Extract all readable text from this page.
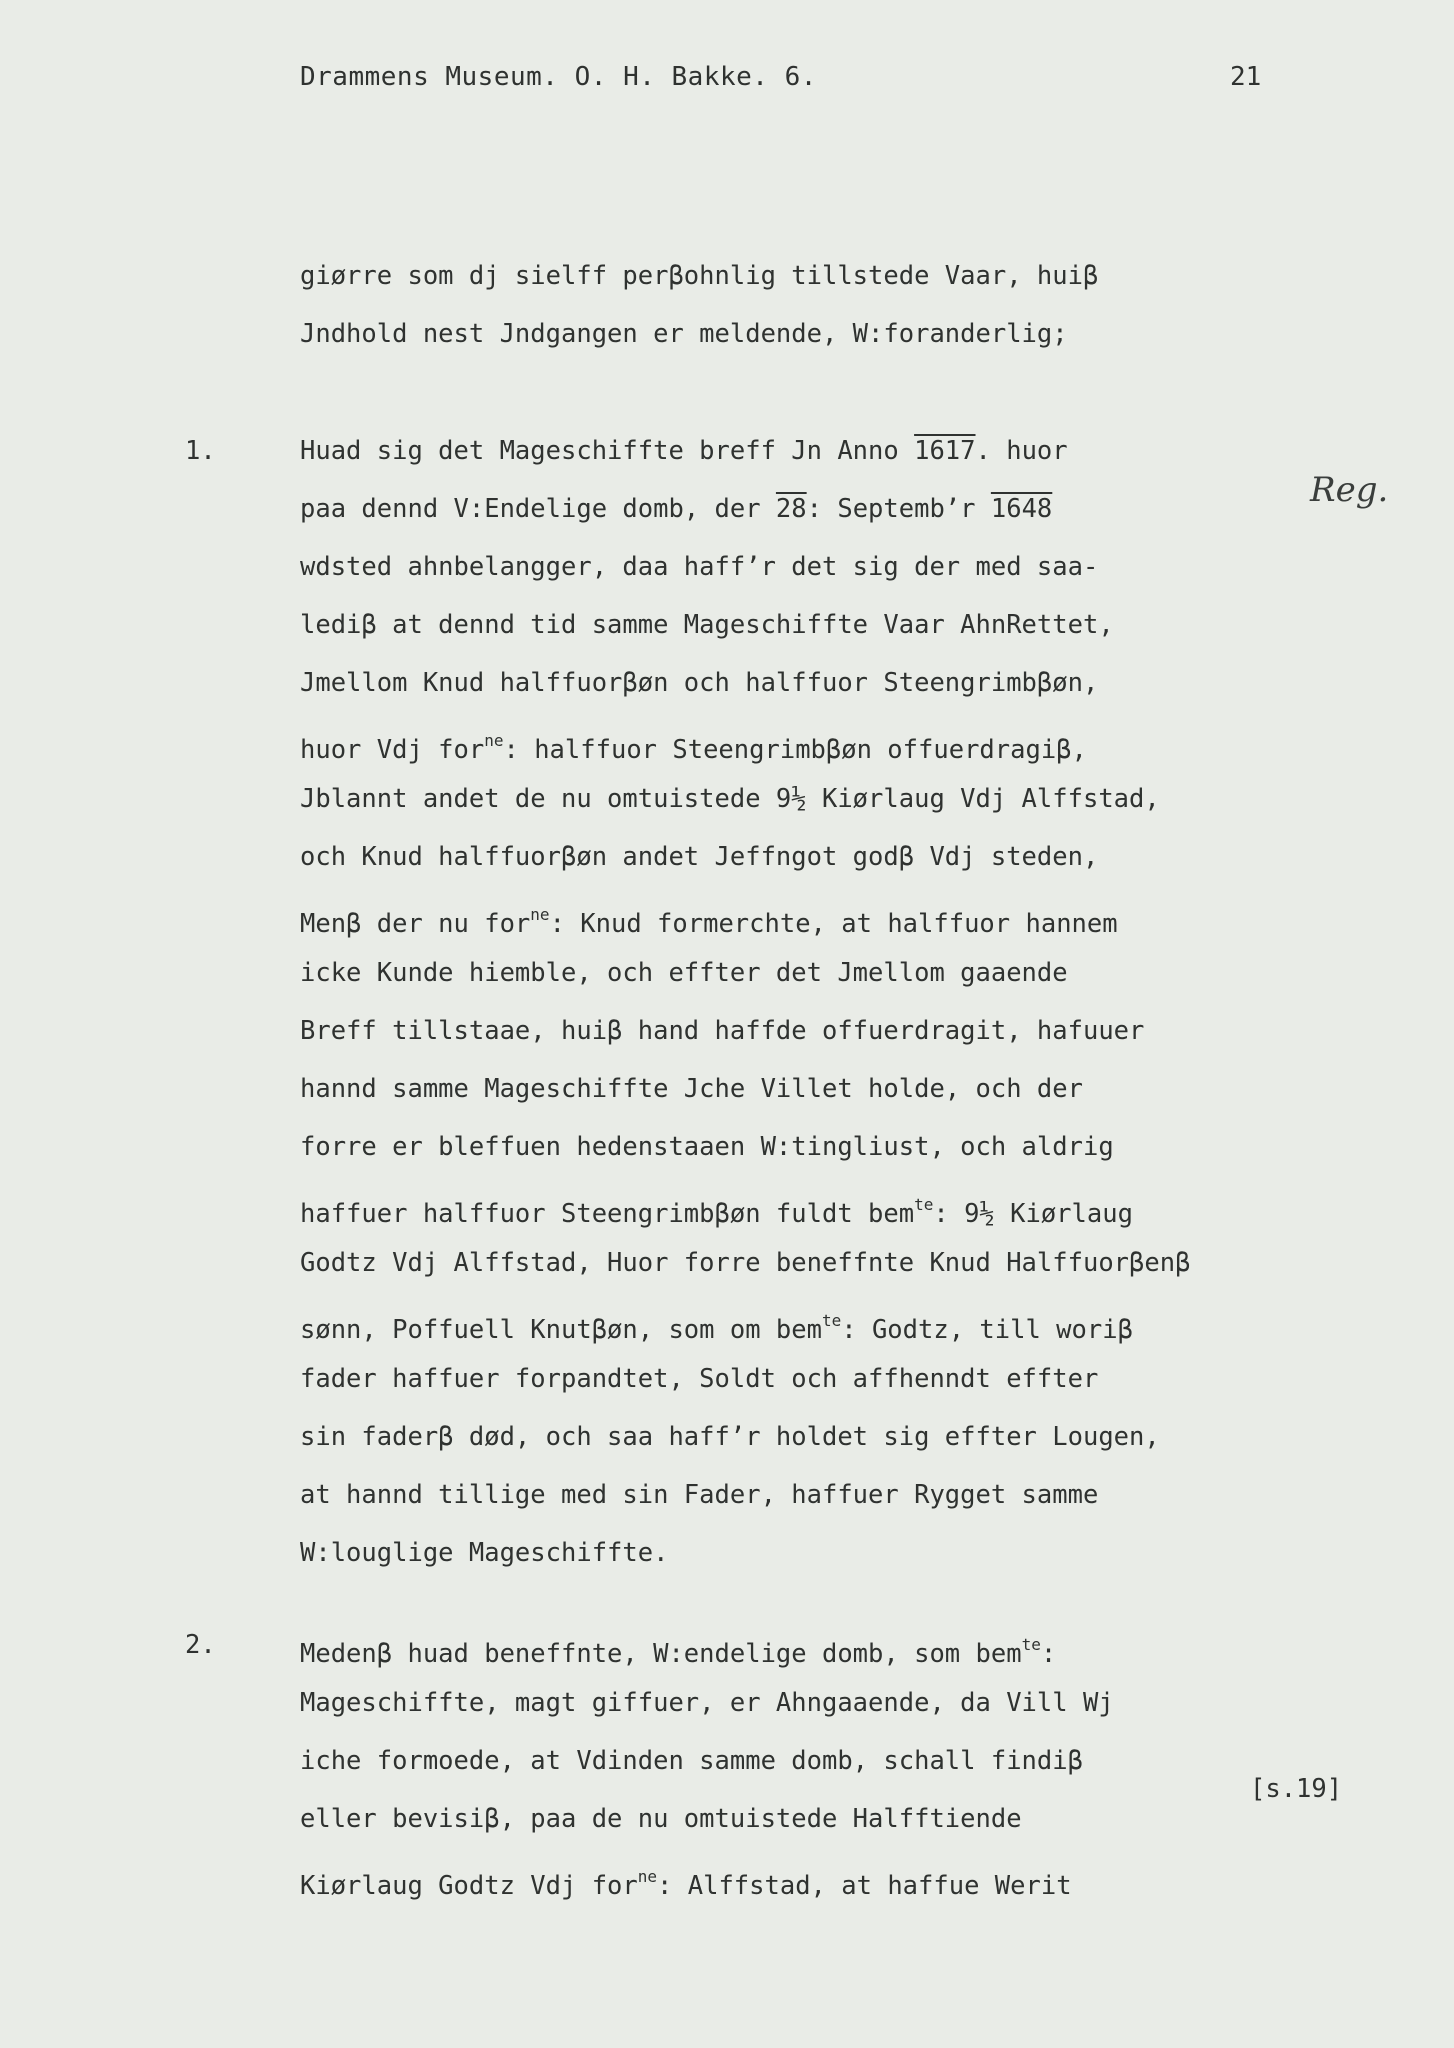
Drammens Museum. O. H. Bakke. 6.	21
giørre som dj sielff perβohnlig tillstede Vaar, huiβ
Jndhold nest Jndgangen er meldende, W:foranderlig;
1.	Huad sig det Mageschiffte breff Jn Anno 1617. huor
paa dennd V:Endelige domb, der 28: Septemb’r 1648
wdsted ahnbelangger, daa haff’r det sig der med saa-
lediβ at dennd tid samme Mageschiffte Vaar AhnRettet,
Jmellom Knud halffuorβøn och halffuor Steengrimbβøn,
huor Vdj for$^{ne}$: halffuor Steengrimbβøn offuerdragiβ,
Jblannt andet de nu omtuistede 9½ Kiørlaug Vdj Alffstad,
och Knud halffuorβøn andet Jeffngot godβ Vdj steden,
Menβ der nu for$^{ne}$: Knud formerchte, at halffuor hannem
icke Kunde hiemble, och effter det Jmellom gaaende
Breff tillstaae, huiβ hand haffde offuerdragit, hafuuer
hannd samme Mageschiffte Jche Villet holde, och der
forre er bleffuen hedenstaaen W:tingliust, och aldrig
haffuer halffuor Steengrimbβøn fuldt bem$^{te}$: 9½ Kiørlaug
Godtz Vdj Alffstad, Huor forre beneffnte Knud Halffuorβenβ
sønn, Poffuell Knutβøn, som om bem$^{te}$: Godtz, till woriβ
fader haffuer forpandtet, Soldt och affhenndt effter
sin faderβ død, och saa haff’r holdet sig effter Lougen,
at hannd tillige med sin Fader, haffuer Rygget samme
W:louglige Mageschiffte.
Reg.
2.	Medenβ huad beneffnte, W:endelige domb, som bem$^{te}$:
Mageschiffte, magt giffuer, er Ahngaaende, da Vill Wj
iche formoede, at Vdinden samme domb, schall findiβ
eller bevisiβ, paa de nu omtuistede Halfftiende
Kiørlaug Godtz Vdj for$^{ne}$: Alffstad, at haffue Werit
[s.19]
